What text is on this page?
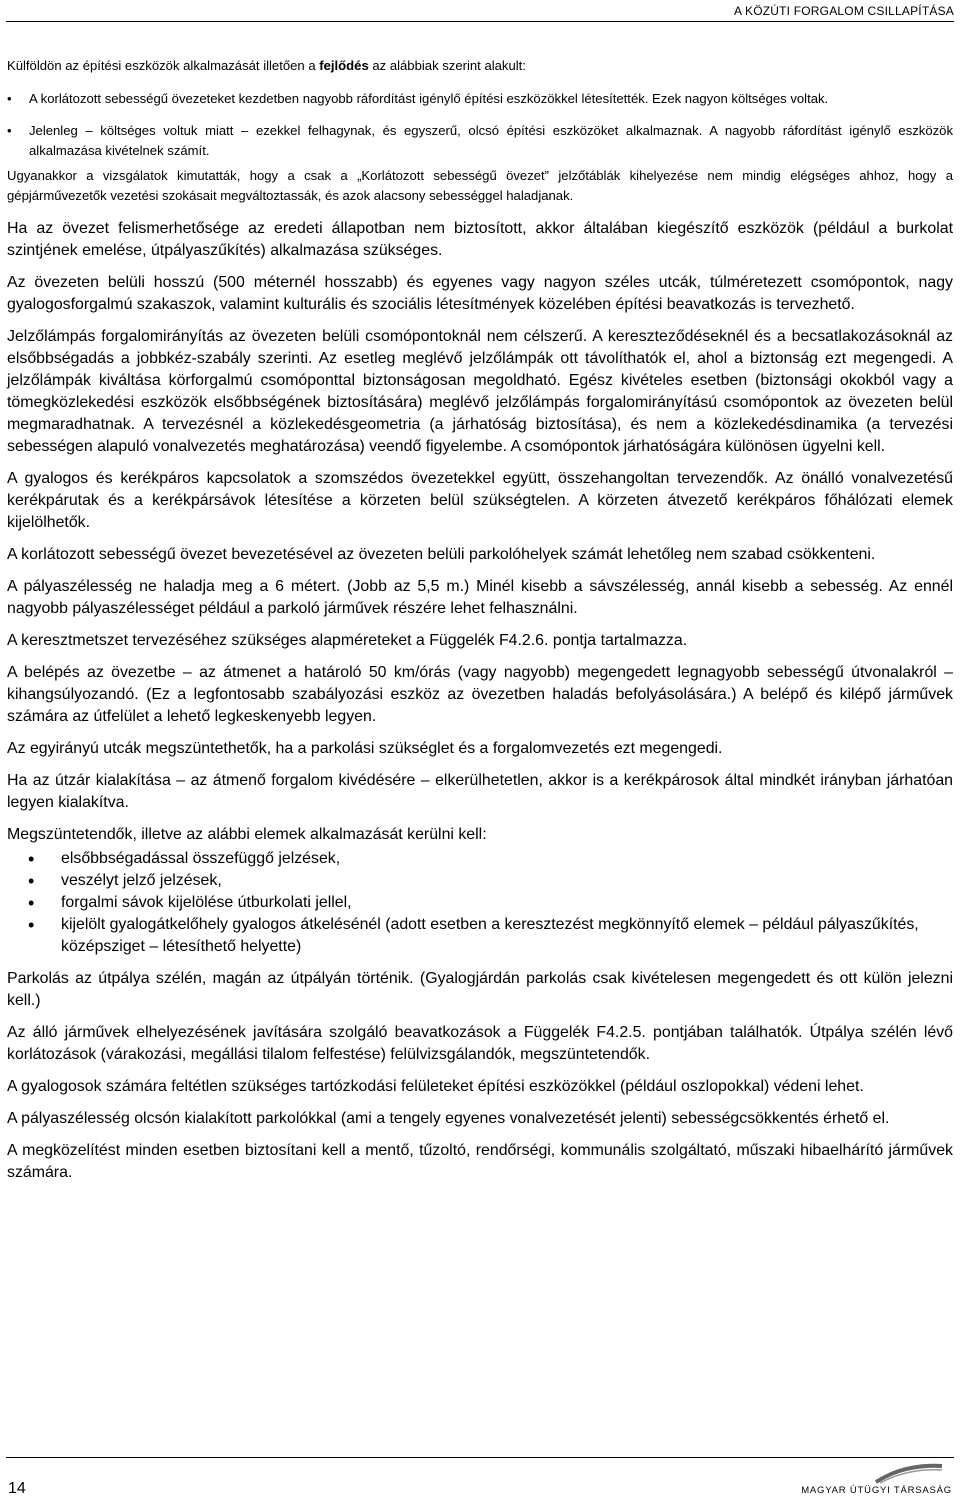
A KÖZÚTI FORGALOM CSILLAPÍTÁSA

Külföldön az építési eszközök alkalmazását illetően a fejlődés az alábbiak szerint alakult:

• A korlátozott sebességű övezeteket kezdetben nagyobb ráfordítást igénylő építési eszközökkel létesítették. Ezek nagyon költséges voltak.
• Jelenleg – költséges voltuk miatt – ezekkel felhagynak, és egyszerű, olcsó építési eszközöket alkalmaznak. A nagyobb ráfordítást igénylő eszközök alkalmazása kivételnek számít.

Ugyanakkor a vizsgálatok kimutatták, hogy a csak a „Korlátozott sebességű övezet” jelzőtáblák kihelyezése nem mindig elégséges ahhoz, hogy a gépjárművezetők vezetési szokásait megváltoztassák, és azok alacsony sebességgel haladjanak.

Ha az övezet felismerhetősége az eredeti állapotban nem biztosított, akkor általában kiegészítő eszközök (például a burkolat szintjének emelése, útpályaszűkítés) alkalmazása szükséges.

Az övezeten belüli hosszú (500 méternél hosszabb) és egyenes vagy nagyon széles utcák, túlméretezett csomópontok, nagy gyalogosforgalmú szakaszok, valamint kulturális és szociális létesítmények közelében építési beavatkozás is tervezhető.

Jelzőlámpás forgalomirányítás az övezeten belüli csomópontoknál nem célszerű. A kereszteződéseknél és a becsatlakozásoknál az elsőbbségadás a jobbkéz-szabály szerinti. Az esetleg meglévő jelzőlámpák ott távolíthatók el, ahol a biztonság ezt megengedi. A jelzőlámpák kiváltása körforgalmú csomóponttal biztonságosan megoldható. Egész kivételes esetben (biztonsági okokból vagy a tömegközlekedési eszközök elsőbbségének biztosítására) meglévő jelzőlámpás forgalomirányítású csomópontok az övezeten belül megmaradhatnak. A tervezésnél a közlekedésgeometria (a járhatóság biztosítása), és nem a közlekedésdinamika (a tervezési sebességen alapuló vonalvezetés meghatározása) veendő figyelembe. A csomópontok járhatóságára különösen ügyelni kell.

A gyalogos és kerékpáros kapcsolatok a szomszédos övezetekkel együtt, összehangoltan tervezendők. Az önálló vonalvezetésű kerékpárutak és a kerékpársávok létesítése a körzeten belül szükségtelen. A körzeten átvezető kerékpáros főhálózati elemek kijelölhetők.

A korlátozott sebességű övezet bevezetésével az övezeten belüli parkolóhelyek számát lehetőleg nem szabad csökkenteni.

A pályaszélesség ne haladja meg a 6 métert. (Jobb az 5,5 m.) Minél kisebb a sávszélesség, annál kisebb a sebesség. Az ennél nagyobb pályaszélességet például a parkoló járművek részére lehet felhasználni.

A keresztmetszet tervezéséhez szükséges alapméreteket a Függelék F4.2.6. pontja tartalmazza.

A belépés az övezetbe – az átmenet a határoló 50 km/órás (vagy nagyobb) megengedett legnagyobb sebességű útvonalakról – kihangsúlyozandó. (Ez a legfontosabb szabályozási eszköz az övezetben haladás befolyásolására.) A belépő és kilépő járművek számára az útfelület a lehető legkeskenyebb legyen.

Az egyirányú utcák megszüntethetők, ha a parkolási szükséglet és a forgalomvezetés ezt megengedi.

Ha az útzár kialakítása – az átmenő forgalom kivédésére – elkerülhetetlen, akkor is a kerékpárosok által mindkét irányban járhatóan legyen kialakítva.

Megszüntetendők, illetve az alábbi elemek alkalmazását kerülni kell:

• elsőbbségadással összefüggő jelzések,
• veszélyt jelző jelzések,
• forgalmi sávok kijelölése útburkolati jellel,
• kijelölt gyalogátkelőhely gyalogos átkelésénél (adott esetben a keresztezést megkönnyítő elemek – például pályaszűkítés, középsziget – létesíthető helyette)

Parkolás az útpálya szélén, magán az útpályán történik. (Gyalogjárdán parkolás csak kivételesen megengedett és ott külön jelezni kell.)

Az álló járművek elhelyezésének javítására szolgáló beavatkozások a Függelék F4.2.5. pontjában találhatók. Útpálya szélén lévő korlátozások (várakozási, megállási tilalom felfestése) felülvizsgálandók, megszüntetendők.

A gyalogosok számára feltétlen szükséges tartózkodási felületeket építési eszközökkel (például oszlopokkal) védeni lehet.

A pályaszélesség olcsón kialakított parkolókkal (ami a tengely egyenes vonalvezetését jelenti) sebességcsökkentés érhető el.

A megközelítést minden esetben biztosítani kell a mentő, tűzoltó, rendőrségi, kommunális szolgáltató, műszaki hibaelhárító járművek számára.

14	MAGYAR ÚTÜGYI TÁRSASÁG
